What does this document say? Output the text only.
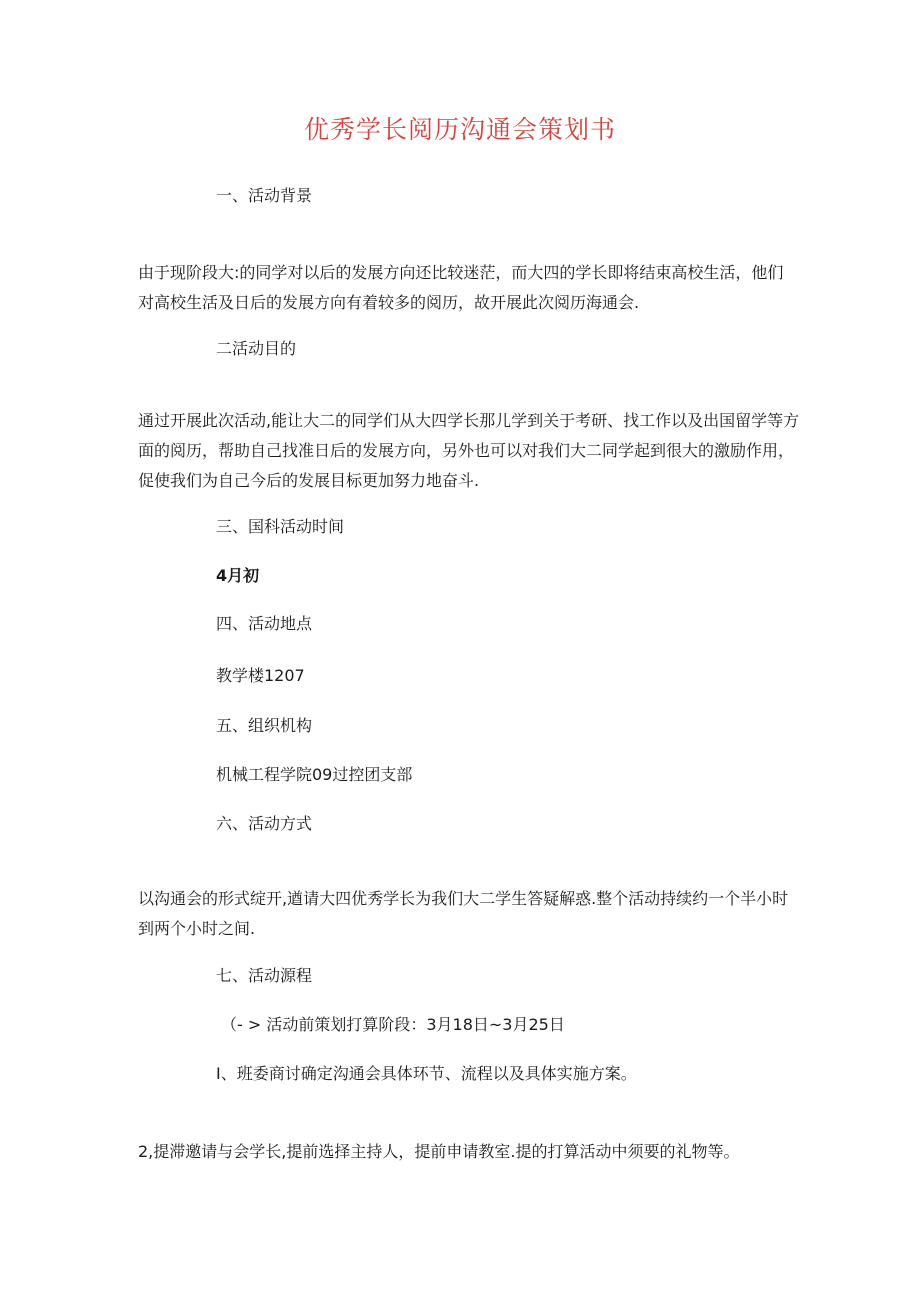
优秀学长阅历沟通会策划书
一、活动背景
由于现阶段大:的同学对以后的发展方向还比较迷茫，而大四的学长即将结束高校生活，他们
对高校生活及日后的发展方向有着较多的阅历，故开展此次阅历海通会.
二活动目的
通过开展此次活动,能让大二的同学们从大四学长那儿学到关于考研、找工作以及出国留学等方
面的阅历，帮助自己找准日后的发展方向，另外也可以对我们大二同学起到很大的激励作用，
促使我们为自己今后的发展目标更加努力地奋斗.
三、国科活动时间
4月初
四、活动地点
教学楼1207
五、组织机构
机械工程学院09过控团支部
六、活动方式
以沟通会的形式绽开,遒请大四优秀学长为我们大二学生答疑解惑.整个活动持续约一个半小时
到两个小时之间.
七、活动源程
（- > 活动前策划打算阶段：3月18日~3月25日
I、班委商讨确定沟通会具体环节、流程以及具体实施方案。
2,提滞邀请与会学长,提前选择主持人，提前申请教室.提的打算活动中须要的礼物等。
